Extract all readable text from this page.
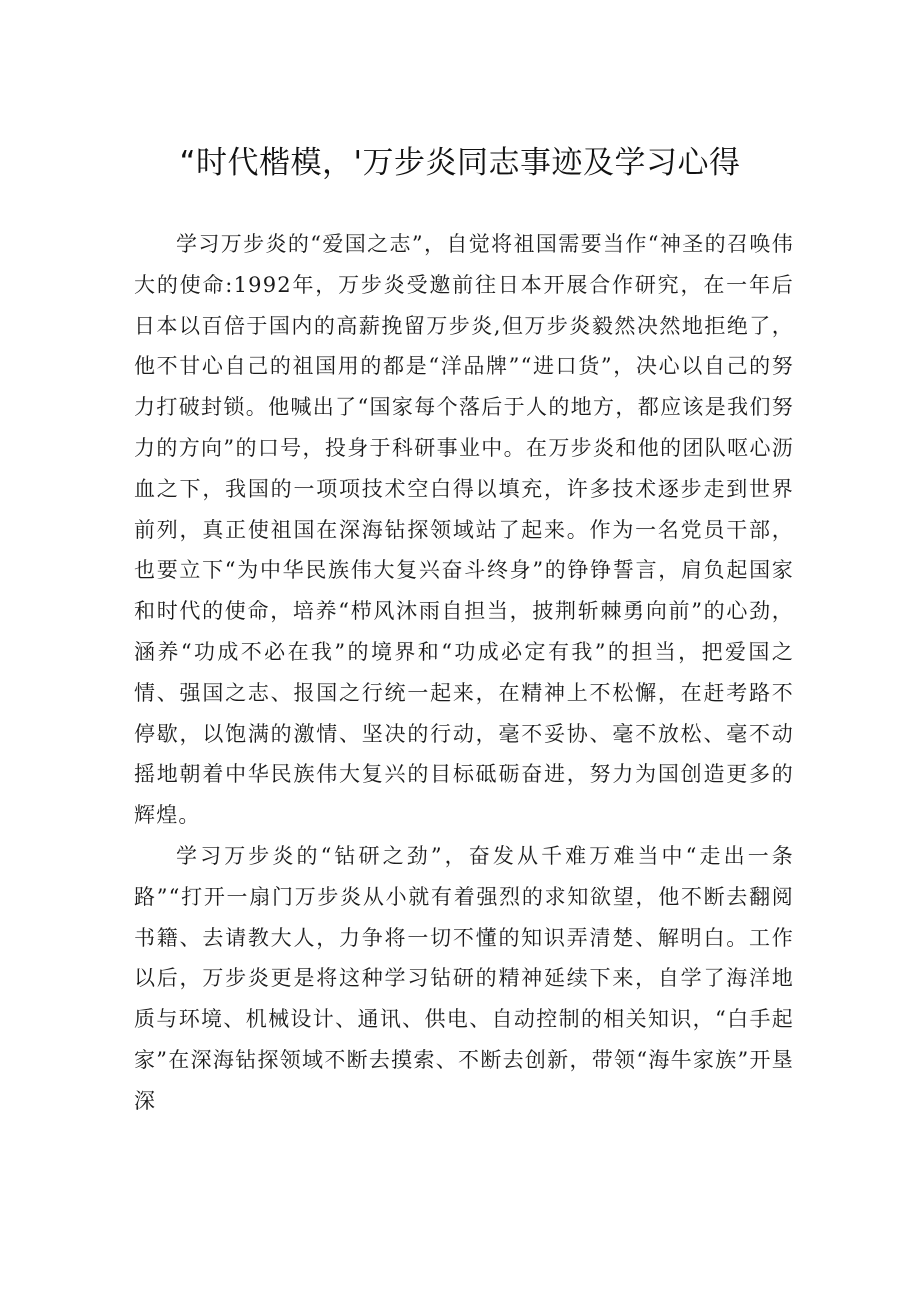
“时代楷模，'万步炎同志事迹及学习心得

学习万步炎的“爱国之志”，自觉将祖国需要当作“神圣的召唤伟大的使命:1992年，万步炎受邀前往日本开展合作研究，在一年后日本以百倍于国内的高薪挽留万步炎,但万步炎毅然决然地拒绝了，他不甘心自己的祖国用的都是“洋品牌”“进口货”，决心以自己的努力打破封锁。他喊出了“国家每个落后于人的地方，都应该是我们努力的方向”的口号，投身于科研事业中。在万步炎和他的团队呕心沥血之下，我国的一项项技术空白得以填充，许多技术逐步走到世界前列，真正使祖国在深海钻探领域站了起来。作为一名党员干部，也要立下“为中华民族伟大复兴奋斗终身”的铮铮誓言，肩负起国家和时代的使命，培养“栉风沐雨自担当，披荆斩棘勇向前”的心劲，涵养“功成不必在我”的境界和“功成必定有我”的担当，把爱国之情、强国之志、报国之行统一起来，在精神上不松懈，在赶考路不停歇，以饱满的激情、坚决的行动，毫不妥协、毫不放松、毫不动摇地朝着中华民族伟大复兴的目标砥砺奋进，努力为国创造更多的辉煌。

学习万步炎的“钻研之劲”，奋发从千难万难当中“走出一条路”“打开一扇门万步炎从小就有着强烈的求知欲望，他不断去翻阅书籍、去请教大人，力争将一切不懂的知识弄清楚、解明白。工作以后，万步炎更是将这种学习钻研的精神延续下来，自学了海洋地质与环境、机械设计、通讯、供电、自动控制的相关知识，“白手起家”在深海钻探领域不断去摸索、不断去创新，带领“海牛家族”开垦深
